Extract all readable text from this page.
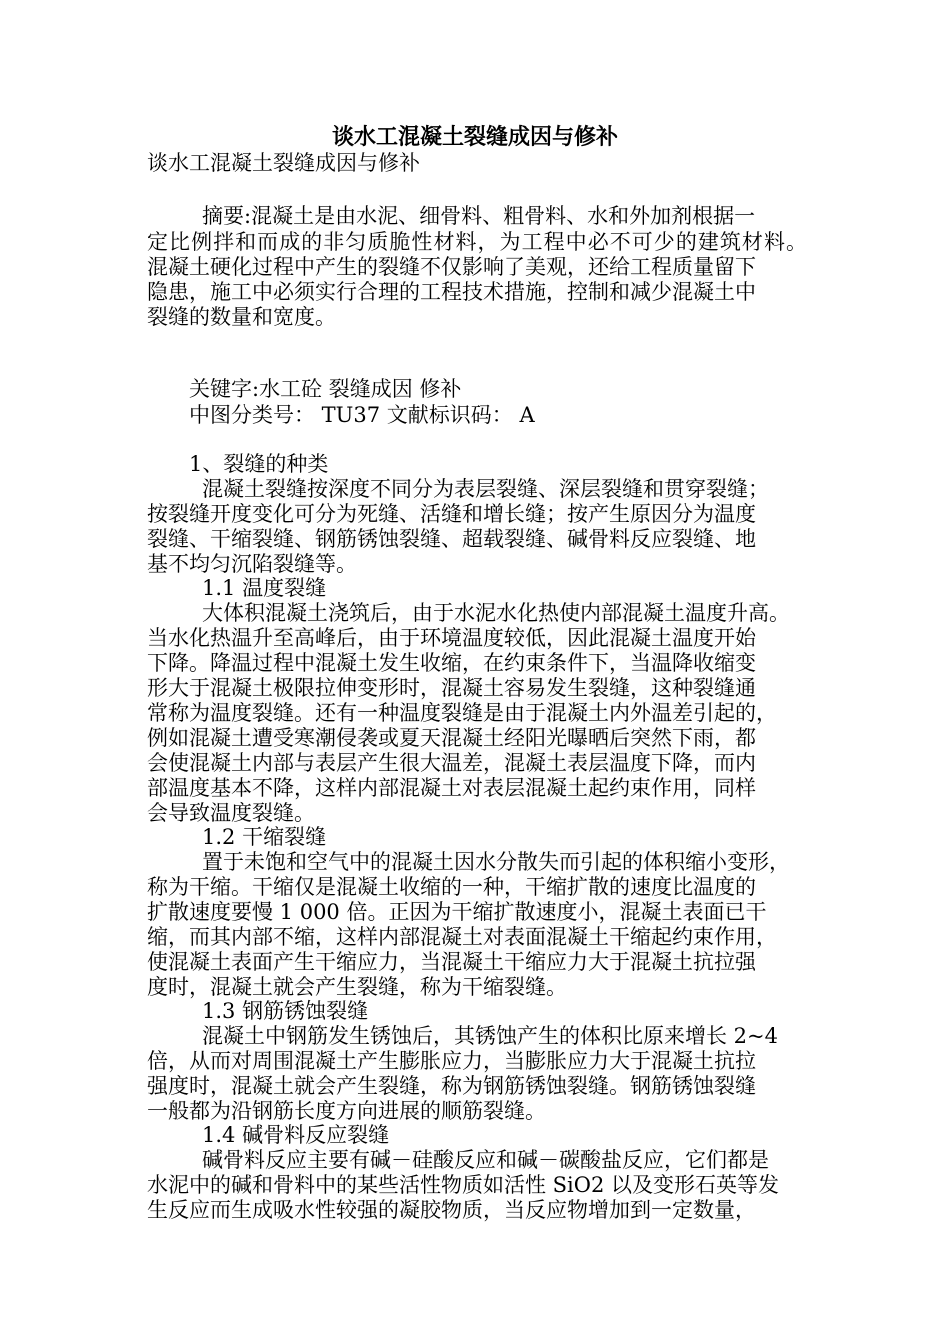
谈水工混凝土裂缝成因与修补
谈水工混凝土裂缝成因与修补
摘要:混凝土是由水泥、细骨料、粗骨料、水和外加剂根据一
定比例拌和而成的非匀质脆性材料，为工程中必不可少的建筑材料。
混凝土硬化过程中产生的裂缝不仅影响了美观，还给工程质量留下
隐患，施工中必须实行合理的工程技术措施，控制和减少混凝土中
裂缝的数量和宽度。
关键字:水工砼 裂缝成因 修补
中图分类号： TU37 文献标识码： A
1、裂缝的种类
混凝土裂缝按深度不同分为表层裂缝、深层裂缝和贯穿裂缝；
按裂缝开度变化可分为死缝、活缝和增长缝；按产生原因分为温度
裂缝、干缩裂缝、钢筋锈蚀裂缝、超载裂缝、碱骨料反应裂缝、地
基不均匀沉陷裂缝等。
1.1 温度裂缝
大体积混凝土浇筑后，由于水泥水化热使内部混凝土温度升高。
当水化热温升至高峰后，由于环境温度较低，因此混凝土温度开始
下降。降温过程中混凝土发生收缩，在约束条件下，当温降收缩变
形大于混凝土极限拉伸变形时，混凝土容易发生裂缝，这种裂缝通
常称为温度裂缝。还有一种温度裂缝是由于混凝土内外温差引起的，
例如混凝土遭受寒潮侵袭或夏天混凝土经阳光曝晒后突然下雨，都
会使混凝土内部与表层产生很大温差，混凝土表层温度下降，而内
部温度基本不降，这样内部混凝土对表层混凝土起约束作用，同样
会导致温度裂缝。
1.2 干缩裂缝
置于未饱和空气中的混凝土因水分散失而引起的体积缩小变形，
称为干缩。干缩仅是混凝土收缩的一种，干缩扩散的速度比温度的
扩散速度要慢 1 000 倍。正因为干缩扩散速度小，混凝土表面已干
缩，而其内部不缩，这样内部混凝土对表面混凝土干缩起约束作用，
使混凝土表面产生干缩应力，当混凝土干缩应力大于混凝土抗拉强
度时，混凝土就会产生裂缝，称为干缩裂缝。
1.3 钢筋锈蚀裂缝
混凝土中钢筋发生锈蚀后，其锈蚀产生的体积比原来增长 2~4
倍，从而对周围混凝土产生膨胀应力，当膨胀应力大于混凝土抗拉
强度时，混凝土就会产生裂缝，称为钢筋锈蚀裂缝。钢筋锈蚀裂缝
一般都为沿钢筋长度方向进展的顺筋裂缝。
1.4 碱骨料反应裂缝
碱骨料反应主要有碱－硅酸反应和碱－碳酸盐反应，它们都是
水泥中的碱和骨料中的某些活性物质如活性 SiO2 以及变形石英等发
生反应而生成吸水性较强的凝胶物质，当反应物增加到一定数量，
